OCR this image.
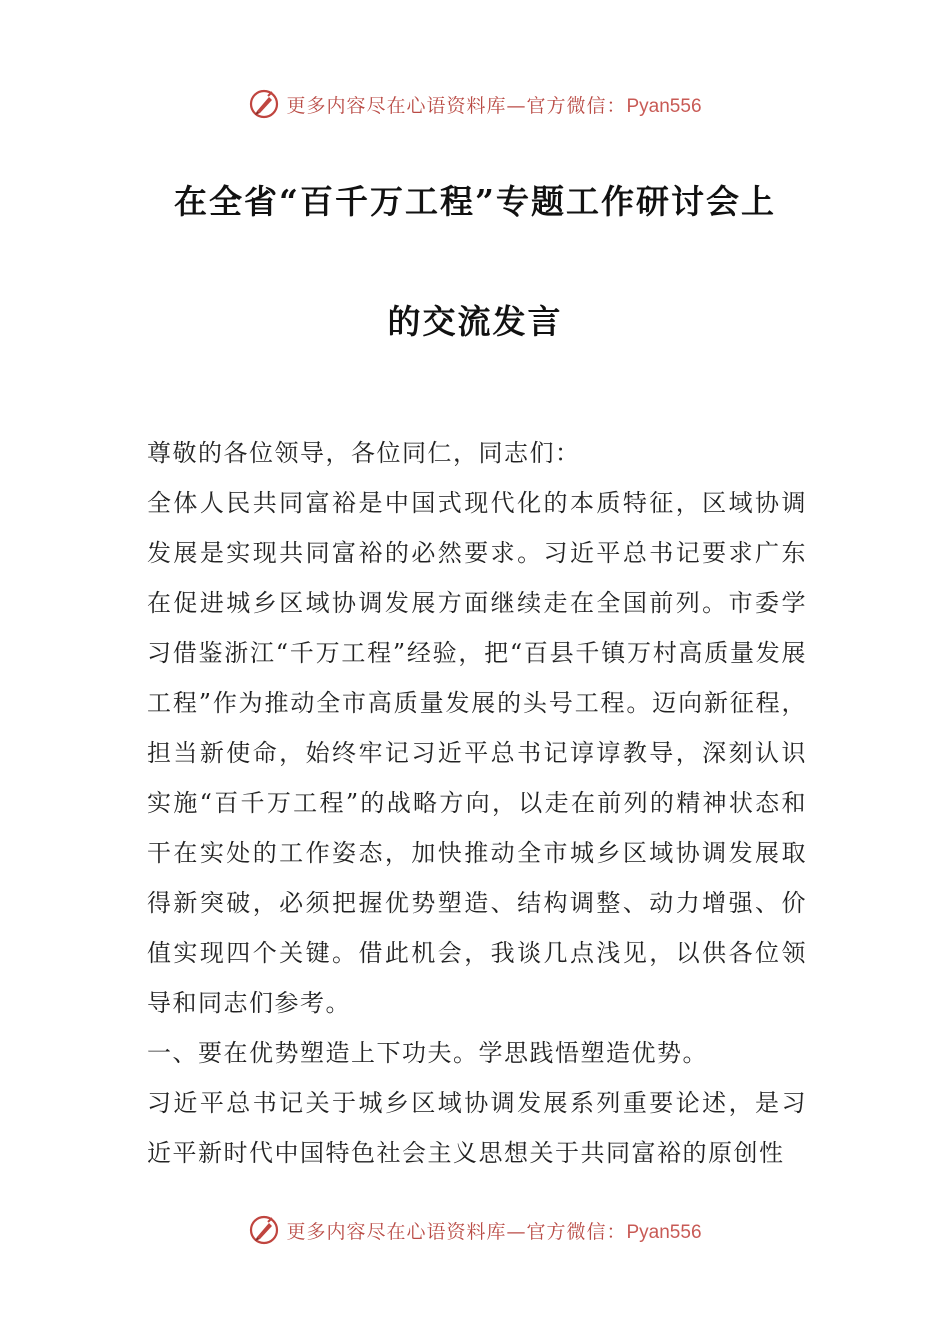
更多内容尽在心语资料库—官方微信：Pyan556
在全省“百千万工程”专题工作研讨会上
的交流发言

尊敬的各位领导，各位同仁，同志们：

全体人民共同富裕是中国式现代化的本质特征，区域协调发展是实现共同富裕的必然要求。习近平总书记要求广东在促进城乡区域协调发展方面继续走在全国前列。市委学习借鉴浙江“千万工程”经验，把“百县千镇万村高质量发展工程”作为推动全市高质量发展的头号工程。迈向新征程，担当新使命，始终牢记习近平总书记谆谆教导，深刻认识实施“百千万工程”的战略方向，以走在前列的精神状态和干在实处的工作姿态，加快推动全市城乡区域协调发展取得新突破，必须把握优势塑造、结构调整、动力增强、价值实现四个关键。借此机会，我谈几点浅见，以供各位领导和同志们参考。

一、要在优势塑造上下功夫。学思践悟塑造优势。

习近平总书记关于城乡区域协调发展系列重要论述，是习近平新时代中国特色社会主义思想关于共同富裕的原创性

更多内容尽在心语资料库—官方微信：Pyan556
